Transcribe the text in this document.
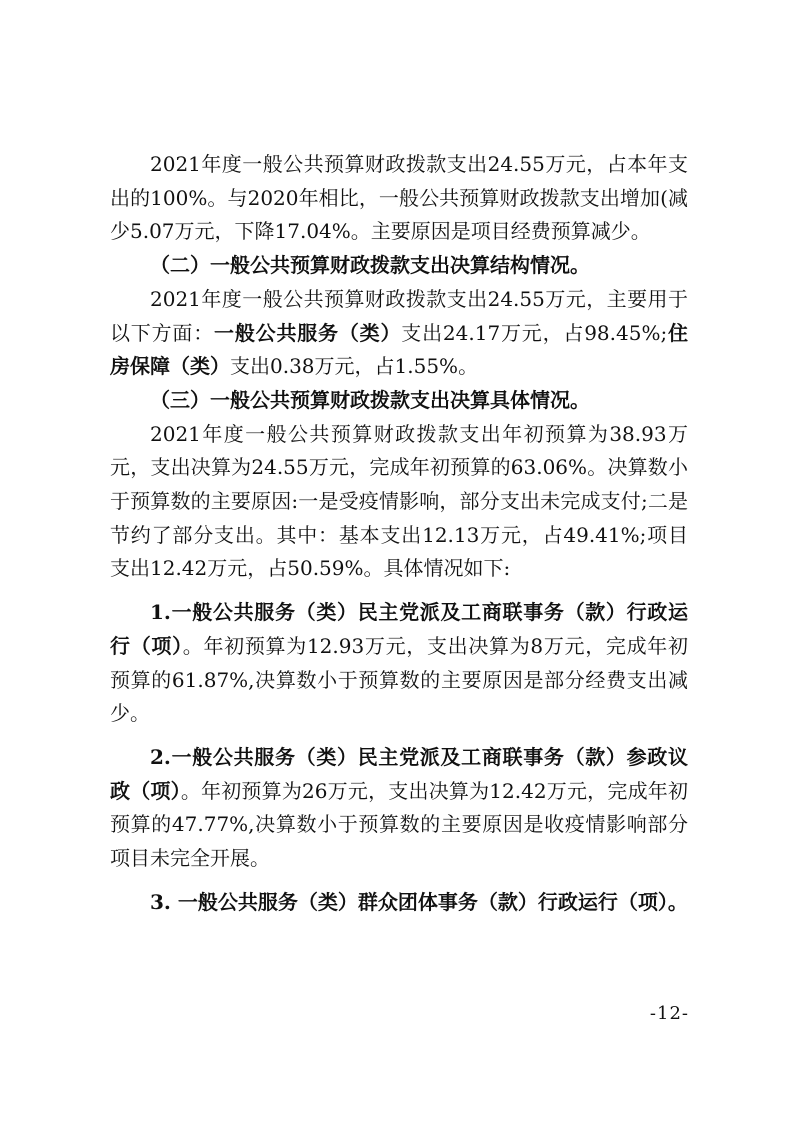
2021年度一般公共预算财政拨款支出24.55万元，占本年支出的100%。与2020年相比，一般公共预算财政拨款支出增加(减少5.07万元，下降17.04%。主要原因是项目经费预算减少。

（二）一般公共预算财政拨款支出决算结构情况。

2021年度一般公共预算财政拨款支出24.55万元，主要用于以下方面：一般公共服务（类）支出24.17万元，占98.45%;住房保障（类）支出0.38万元，占1.55%。

（三）一般公共预算财政拨款支出决算具体情况。

2021年度一般公共预算财政拨款支出年初预算为38.93万元，支出决算为24.55万元，完成年初预算的63.06%。决算数小于预算数的主要原因:一是受疫情影响，部分支出未完成支付;二是节约了部分支出。其中：基本支出12.13万元，占49.41%;项目支出12.42万元，占50.59%。具体情况如下:

1.一般公共服务（类）民主党派及工商联事务（款）行政运行（项）。年初预算为12.93万元，支出决算为8万元，完成年初预算的61.87%,决算数小于预算数的主要原因是部分经费支出减少。

2.一般公共服务（类）民主党派及工商联事务（款）参政议政（项）。年初预算为26万元，支出决算为12.42万元，完成年初预算的47.77%,决算数小于预算数的主要原因是收疫情影响部分项目未完全开展。

3. 一般公共服务（类）群众团体事务（款）行政运行（项）。

-12-
